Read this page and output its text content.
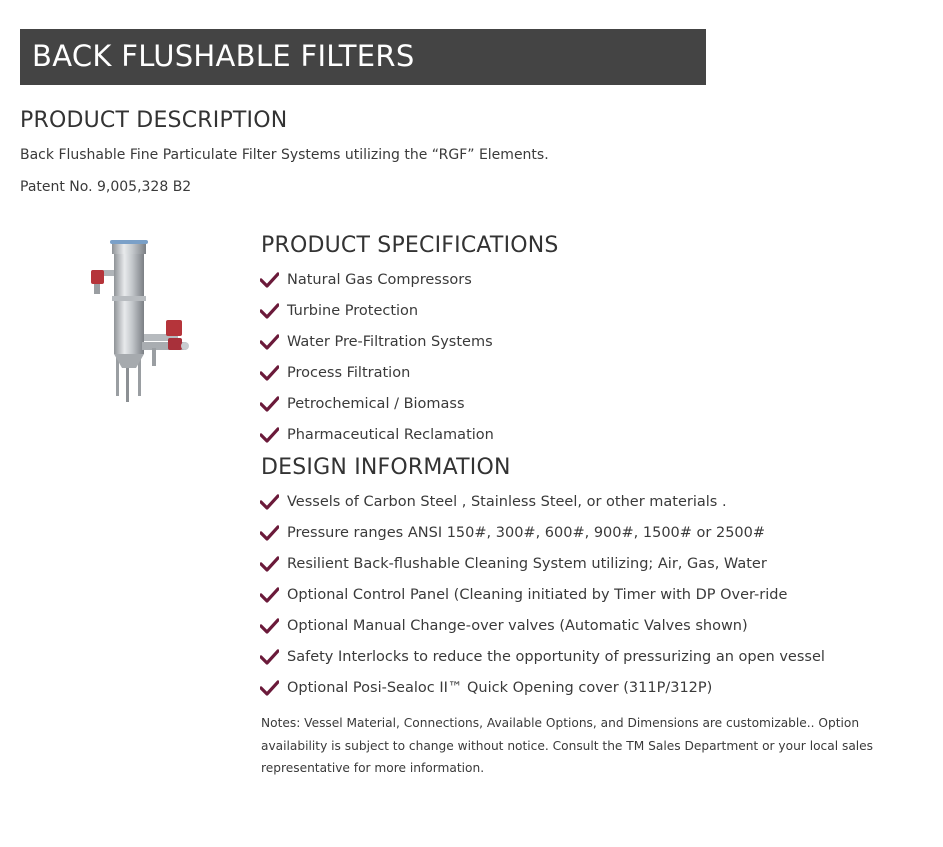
BACK FLUSHABLE FILTERS
PRODUCT DESCRIPTION
Back Flushable Fine Particulate Filter Systems utilizing the “RGF” Elements.
Patent No. 9,005,328 B2
PRODUCT SPECIFICATIONS
Natural Gas Compressors
Turbine Protection
Water Pre-Filtration Systems
Process Filtration
Petrochemical / Biomass
Pharmaceutical Reclamation
DESIGN INFORMATION
Vessels of Carbon Steel , Stainless Steel, or other materials .
Pressure ranges ANSI 150#, 300#, 600#, 900#, 1500# or 2500#
Resilient Back-flushable Cleaning System utilizing; Air, Gas, Water
Optional Control Panel (Cleaning initiated by Timer with DP Over-ride
Optional Manual Change-over valves (Automatic Valves shown)
Safety Interlocks to reduce the opportunity of pressurizing an open vessel
Optional Posi-Sealoc II™ Quick Opening cover (311P/312P)
Notes: Vessel Material, Connections, Available Options, and Dimensions are customizable.. Option availability is subject to change without notice. Consult the TM Sales Department or your local sales representative for more information.
